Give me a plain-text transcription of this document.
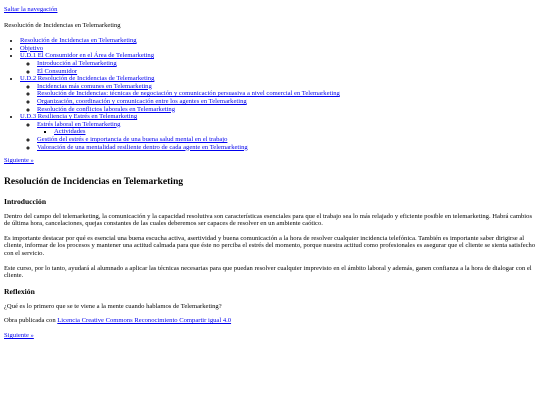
Saltar la navegación

Resolución de Incidencias en Telemarketing

• Resolución de Incidencias en Telemarketing
• Objetivo
• U.D.1 El Consumidor en el Área de Telemarketing
◦ Introducción al Telemarketing
◦ El Consumidor
• U.D.2 Resolución de Incidencias de Telemarketing
◦ Incidencias más comunes en Telemarketing
◦ Resolución de Incidencias: técnicas de negociación y comunicación persuasiva a nivel comercial en Telemarketing
◦ Organización, coordinación y comunicación entre los agentes en Telemarketing
◦ Resolución de conflictos laborales en Telemarketing
• U.D.3 Resiliencia y Estrés en Telemarketing
◦ Estrés laboral en Telemarketing
▪ Actividades
◦ Gestión del estrés e importancia de una buena salud mental en el trabajo
◦ Valoración de una mentalidad resiliente dentro de cada agente en Telemarketing
Siguiente »
Resolución de Incidencias en Telemarketing
Introducción

Dentro del campo del telemarketing, la comunicación y la capacidad resolutiva son características esenciales para que el trabajo sea lo más relajado y eficiente posible en telemarketing. Habrá cambios de última hora, cancelaciones, quejas constantes de las cuales deberemos ser capaces de resolver en un ambiente caótico.

Es importante destacar por qué es esencial una buena escucha activa, asertividad y buena comunicación a la hora de resolver cualquier incidencia telefónica. También es importante saber dirigirse al cliente, informar de los procesos y mantener una actitud calmada para que éste no perciba el estrés del momento, porque nuestra actitud como profesionales es asegurar que el cliente se sienta satisfecho con el servicio.

Este curso, por lo tanto, ayudará al alumnado a aplicar las técnicas necesarias para que puedan resolver cualquier imprevisto en el ámbito laboral y además, ganen confianza a la hora de dialogar con el cliente.

Reflexión

¿Qué es lo primero que se te viene a la mente cuando hablamos de Telemarketing?

Obra publicada con Licencia Creative Commons Reconocimiento Compartir igual 4.0

Siguiente »
